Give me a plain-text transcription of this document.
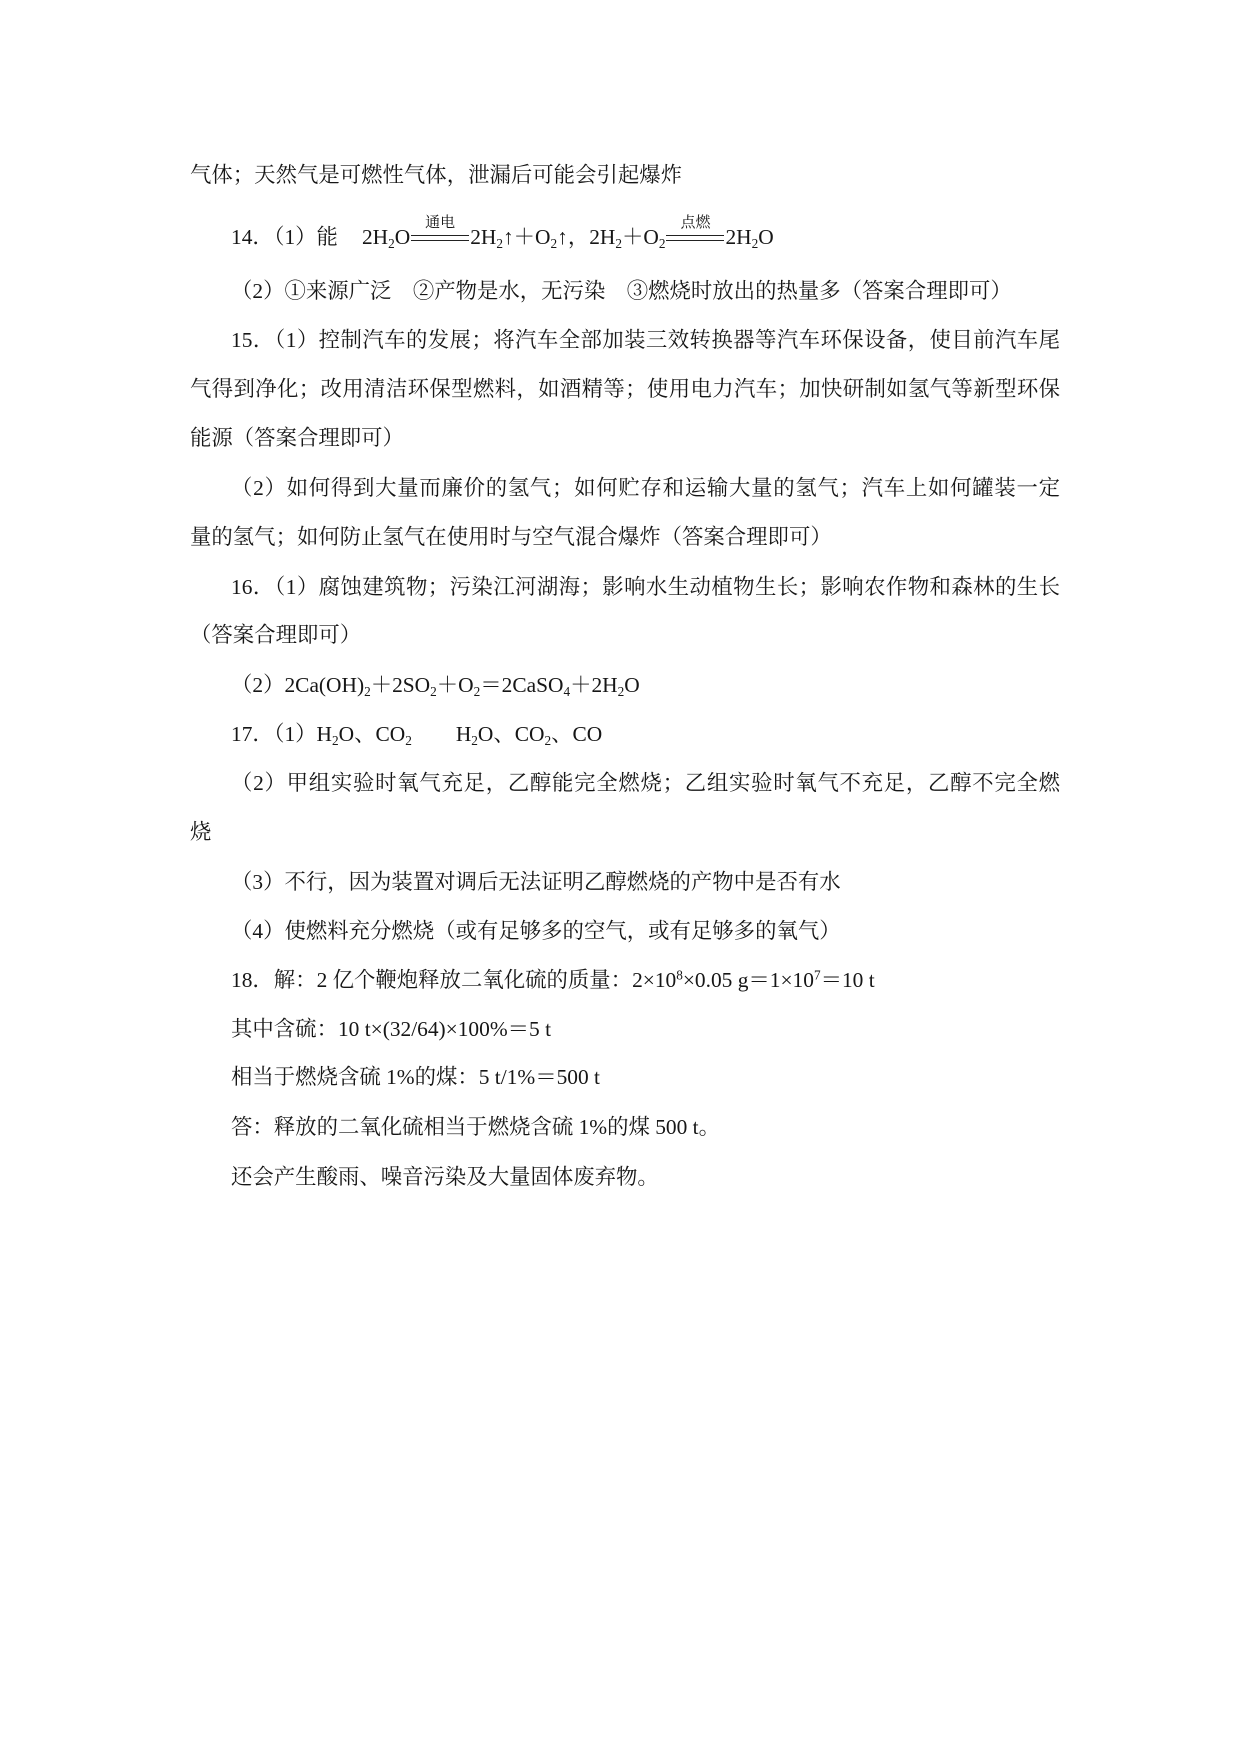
气体；天然气是可燃性气体，泄漏后可能会引起爆炸
14．（1）能 $2H_2O$
通电
$2H_2↑+O_2↑$，$2H_2+O_2$
点燃
$2H_2O$
（2）①来源广泛　②产物是水，无污染　③燃烧时放出的热量多（答案合理即可）
15．（1）控制汽车的发展；将汽车全部加装三效转换器等汽车环保设备，使目前汽车尾
气得到净化；改用清洁环保型燃料，如酒精等；使用电力汽车；加快研制如氢气等新型环保
能源（答案合理即可）
（2）如何得到大量而廉价的氢气；如何贮存和运输大量的氢气；汽车上如何罐装一定
量的氢气；如何防止氢气在使用时与空气混合爆炸（答案合理即可）
16．（1）腐蚀建筑物；污染江河湖海；影响水生动植物生长；影响农作物和森林的生长
（答案合理即可）
$(2)2Ca(OH)_2+2SO_2+O_2=2CaSO_4+2H_2O$
17．$(1)H_2O$、$CO_2$ $H_2O$、$CO_2$、CO
（2）甲组实验时氧气充足，乙醇能完全燃烧；乙组实验时氧气不充足，乙醇不完全燃
烧
（3）不行，因为装置对调后无法证明乙醇燃烧的产物中是否有水
（4）使燃料充分燃烧（或有足够多的空气，或有足够多的氧气）
18．解：2 亿个鞭炮释放二氧化硫的质量：$2\times 10^8\times 0.05$ $g=1\times 10^7=10$ t
其中含硫：10 t×(32/64)×100%＝5 t
相当于燃烧含硫 1%的煤：5 t/1%＝500 t
答：释放的二氧化硫相当于燃烧含硫 1%的煤 500 t。
还会产生酸雨、噪音污染及大量固体废弃物。
